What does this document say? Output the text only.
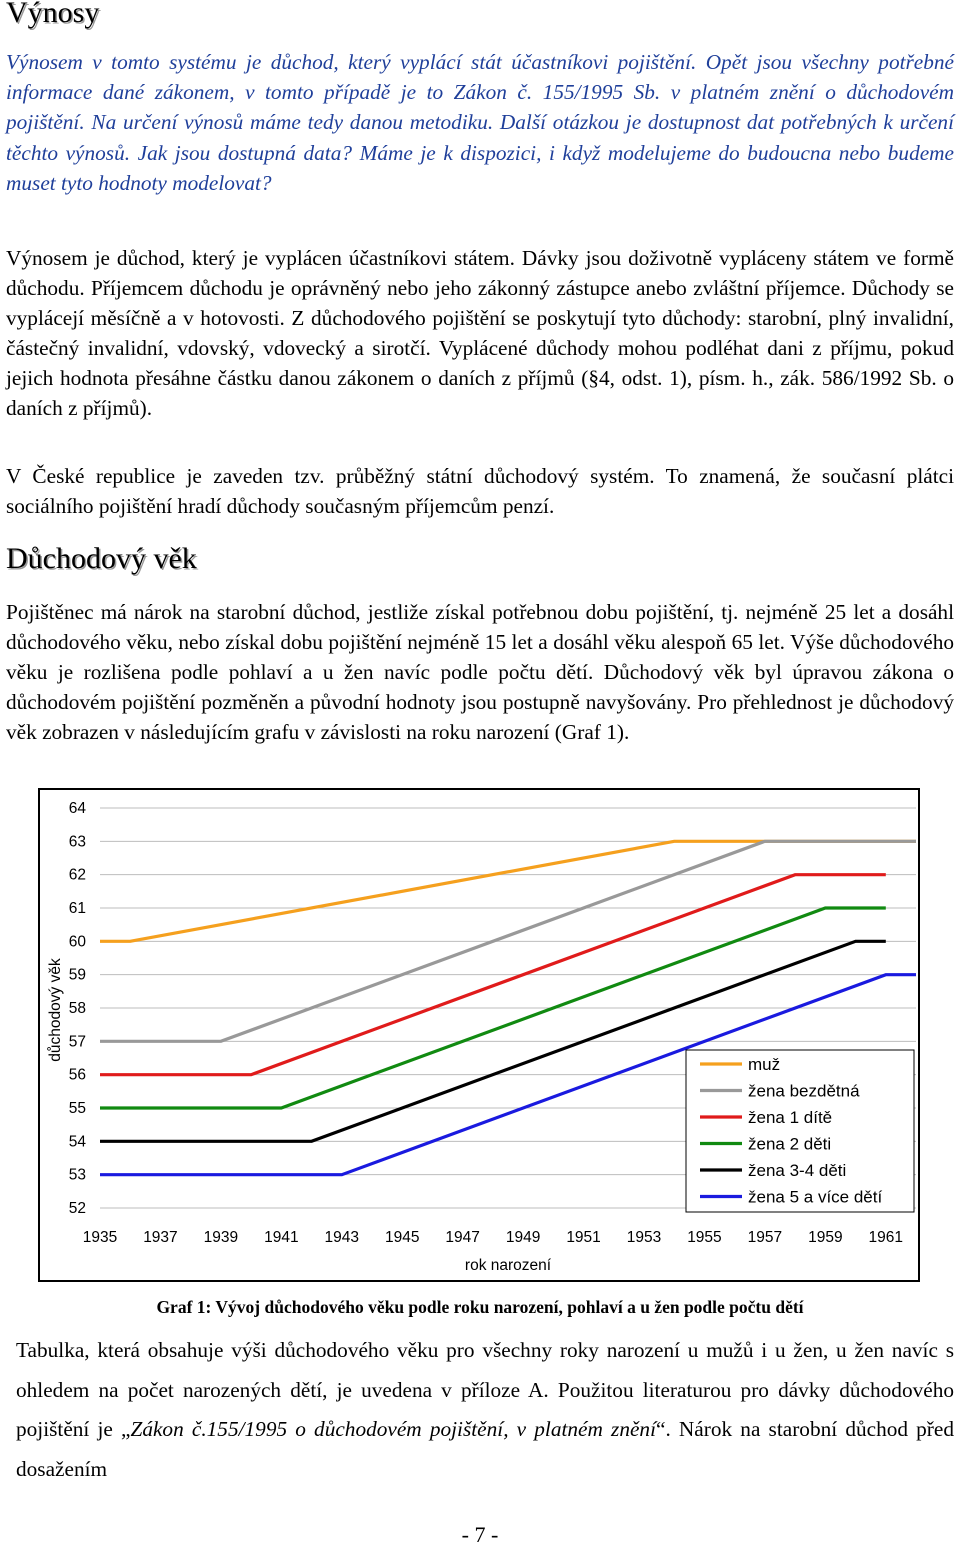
Výnosy

Výnosem v tomto systému je důchod, který vyplácí stát účastníkovi pojištění. Opět jsou všechny potřebné informace dané zákonem, v tomto případě je to Zákon č. 155/1995 Sb. v platném znění o důchodovém pojištění. Na určení výnosů máme tedy danou metodiku. Další otázkou je dostupnost dat potřebných k určení těchto výnosů. Jak jsou dostupná data? Máme je k dispozici, i když modelujeme do budoucna nebo budeme muset tyto hodnoty modelovat?

Výnosem je důchod, který je vyplácen účastníkovi státem. Dávky jsou doživotně vypláceny státem ve formě důchodu. Příjemcem důchodu je oprávněný nebo jeho zákonný zástupce anebo zvláštní příjemce. Důchody se vyplácejí měsíčně a v hotovosti. Z důchodového pojištění se poskytují tyto důchody: starobní, plný invalidní, částečný invalidní, vdovský, vdovecký a sirotčí. Vyplácené důchody mohou podléhat dani z příjmu, pokud jejich hodnota přesáhne částku danou zákonem o daních z příjmů (§4, odst. 1), písm. h., zák. 586/1992 Sb. o daních z příjmů).

V České republice je zaveden tzv. průběžný státní důchodový systém. To znamená, že současní plátci sociálního pojištění hradí důchody současným příjemcům penzí.

Důchodový věk

Pojištěnec má nárok na starobní důchod, jestliže získal potřebnou dobu pojištění, tj. nejméně 25 let a dosáhl důchodového věku, nebo získal dobu pojištění nejméně 15 let a dosáhl věku alespoň 65 let. Výše důchodového věku je rozlišena podle pohlaví a u žen navíc podle počtu dětí. Důchodový věk byl úpravou zákona o důchodovém pojištění pozměněn a původní hodnoty jsou postupně navyšovány. Pro přehlednost je důchodový věk zobrazen v následujícím grafu v závislosti na roku narození (Graf 1).

52
53
54
55
56
57
58
59
60
61
62
63
64
1935 1937 1939 1941 1943 1945 1947 1949 1951 1953 1955 1957 1959 1961
muž
žena bezdětná
žena 1 dítě
žena 2 děti
žena 3-4 děti
žena 5 a více dětí
rok narození
důchodový věk

Graf 1: Vývoj důchodového věku podle roku narození, pohlaví a u žen podle počtu dětí

Tabulka, která obsahuje výši důchodového věku pro všechny roky narození u mužů i u žen, u žen navíc s ohledem na počet narozených dětí, je uvedena v příloze A. Použitou literaturou pro dávky důchodového pojištění je „Zákon č.155/1995 o důchodovém pojištění, v platném znění“. Nárok na starobní důchod před dosažením

- 7 -
